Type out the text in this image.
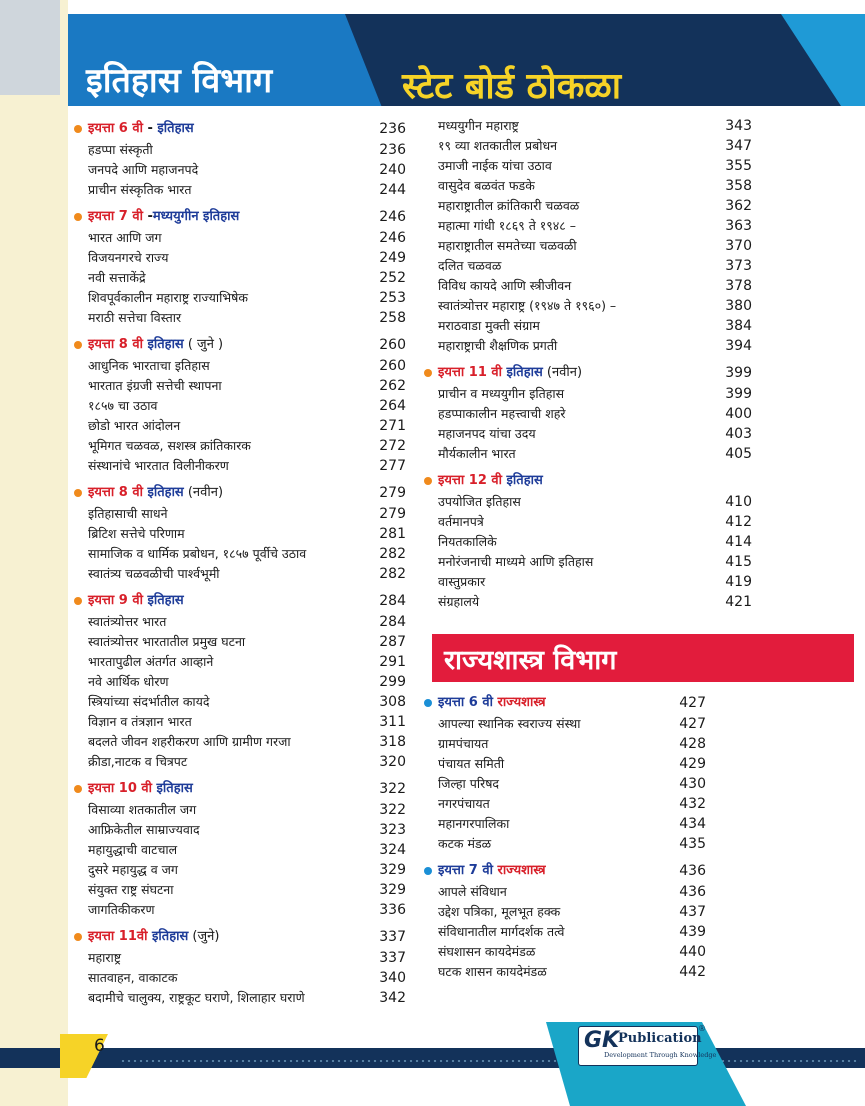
इतिहास विभाग	स्टेट बोर्ड ठोकळा
इयत्ता 6 वी - इतिहास	236
हडप्पा संस्कृती	236
जनपदे आणि महाजनपदे	240
प्राचीन संस्कृतिक भारत	244
इयत्ता 7 वी -मध्ययुगीन इतिहास	246
भारत आणि जग	246
विजयनगरचे राज्य	249
नवी सत्ताकेंद्रे	252
शिवपूर्वकालीन महाराष्ट्र राज्याभिषेक	253
मराठी सत्तेचा विस्तार	258
इयत्ता 8 वी इतिहास ( जुने )	260
आधुनिक भारताचा इतिहास	260
भारतात इंग्रजी सत्तेची स्थापना	262
१८५७ चा उठाव	264
छोडो भारत आंदोलन	271
भूमिगत चळवळ, सशस्त्र क्रांतिकारक	272
संस्थानांचे भारतात विलीनीकरण	277
इयत्ता 8 वी इतिहास (नवीन)	279
इतिहासाची साधने	279
ब्रिटिश सत्तेचे परिणाम	281
सामाजिक व धार्मिक प्रबोधन, १८५७ पूर्वीचे उठाव	282
स्वातंत्र्य चळवळीची पार्श्वभूमी	282
इयत्ता 9 वी इतिहास	284
स्वातंत्र्योत्तर भारत	284
स्वातंत्र्योत्तर भारतातील प्रमुख घटना	287
भारतापुढील अंतर्गत आव्हाने	291
नवे आर्थिक धोरण	299
स्त्रियांच्या संदर्भातील कायदे	308
विज्ञान व तंत्रज्ञान भारत	311
बदलते जीवन शहरीकरण आणि ग्रामीण गरजा	318
क्रीडा,नाटक व चित्रपट	320
इयत्ता 10 वी इतिहास	322
विसाव्या शतकातील जग	322
आफ्रिकेतील साम्राज्यवाद	323
महायुद्धाची वाटचाल	324
दुसरे महायुद्ध व जग	329
संयुक्त राष्ट्र संघटना	329
जागतिकीकरण	336
इयत्ता 11वी इतिहास (जुने)	337
महाराष्ट्र	337
सातवाहन, वाकाटक	340
बदामीचे चालुक्य, राष्ट्रकूट घराणे, शिलाहार घराणे	342
मध्ययुगीन महाराष्ट्र	343
१९ व्या शतकातील प्रबोधन	347
उमाजी नाईक यांचा उठाव	355
वासुदेव बळवंत फडके	358
महाराष्ट्रातील क्रांतिकारी चळवळ	362
महात्मा गांधी १८६९ ते १९४८ –	363
महाराष्ट्रातील समतेच्या चळवळी	370
दलित चळवळ	373
विविध कायदे आणि स्त्रीजीवन	378
स्वातंत्र्योत्तर महाराष्ट्र (१९४७ ते १९६०) –	380
मराठवाडा मुक्ती संग्राम	384
महाराष्ट्राची शैक्षणिक प्रगती	394
इयत्ता 11 वी इतिहास (नवीन)	399
प्राचीन व मध्ययुगीन इतिहास	399
हडप्पाकालीन महत्त्वाची शहरे	400
महाजनपद यांचा उदय	403
मौर्यकालीन भारत	405
इयत्ता 12 वी इतिहास
उपयोजित इतिहास	410
वर्तमानपत्रे	412
नियतकालिके	414
मनोरंजनाची माध्यमे आणि इतिहास	415
वास्तुप्रकार	419
संग्रहालये	421
राज्यशास्त्र विभाग
इयत्ता 6 वी राज्यशास्त्र	427
आपल्या स्थानिक स्वराज्य संस्था	427
ग्रामपंचायत	428
पंचायत समिती	429
जिल्हा परिषद	430
नगरपंचायत	432
महानगरपालिका	434
कटक मंडळ	435
इयत्ता 7 वी राज्यशास्त्र	436
आपले संविधान	436
उद्देश पत्रिका, मूलभूत हक्क	437
संविधानातील मार्गदर्शक तत्वे	439
संघशासन कायदेमंडळ	440
घटक शासन कायदेमंडळ	442
6	GK
Publication
Development Through Knowledge
®
